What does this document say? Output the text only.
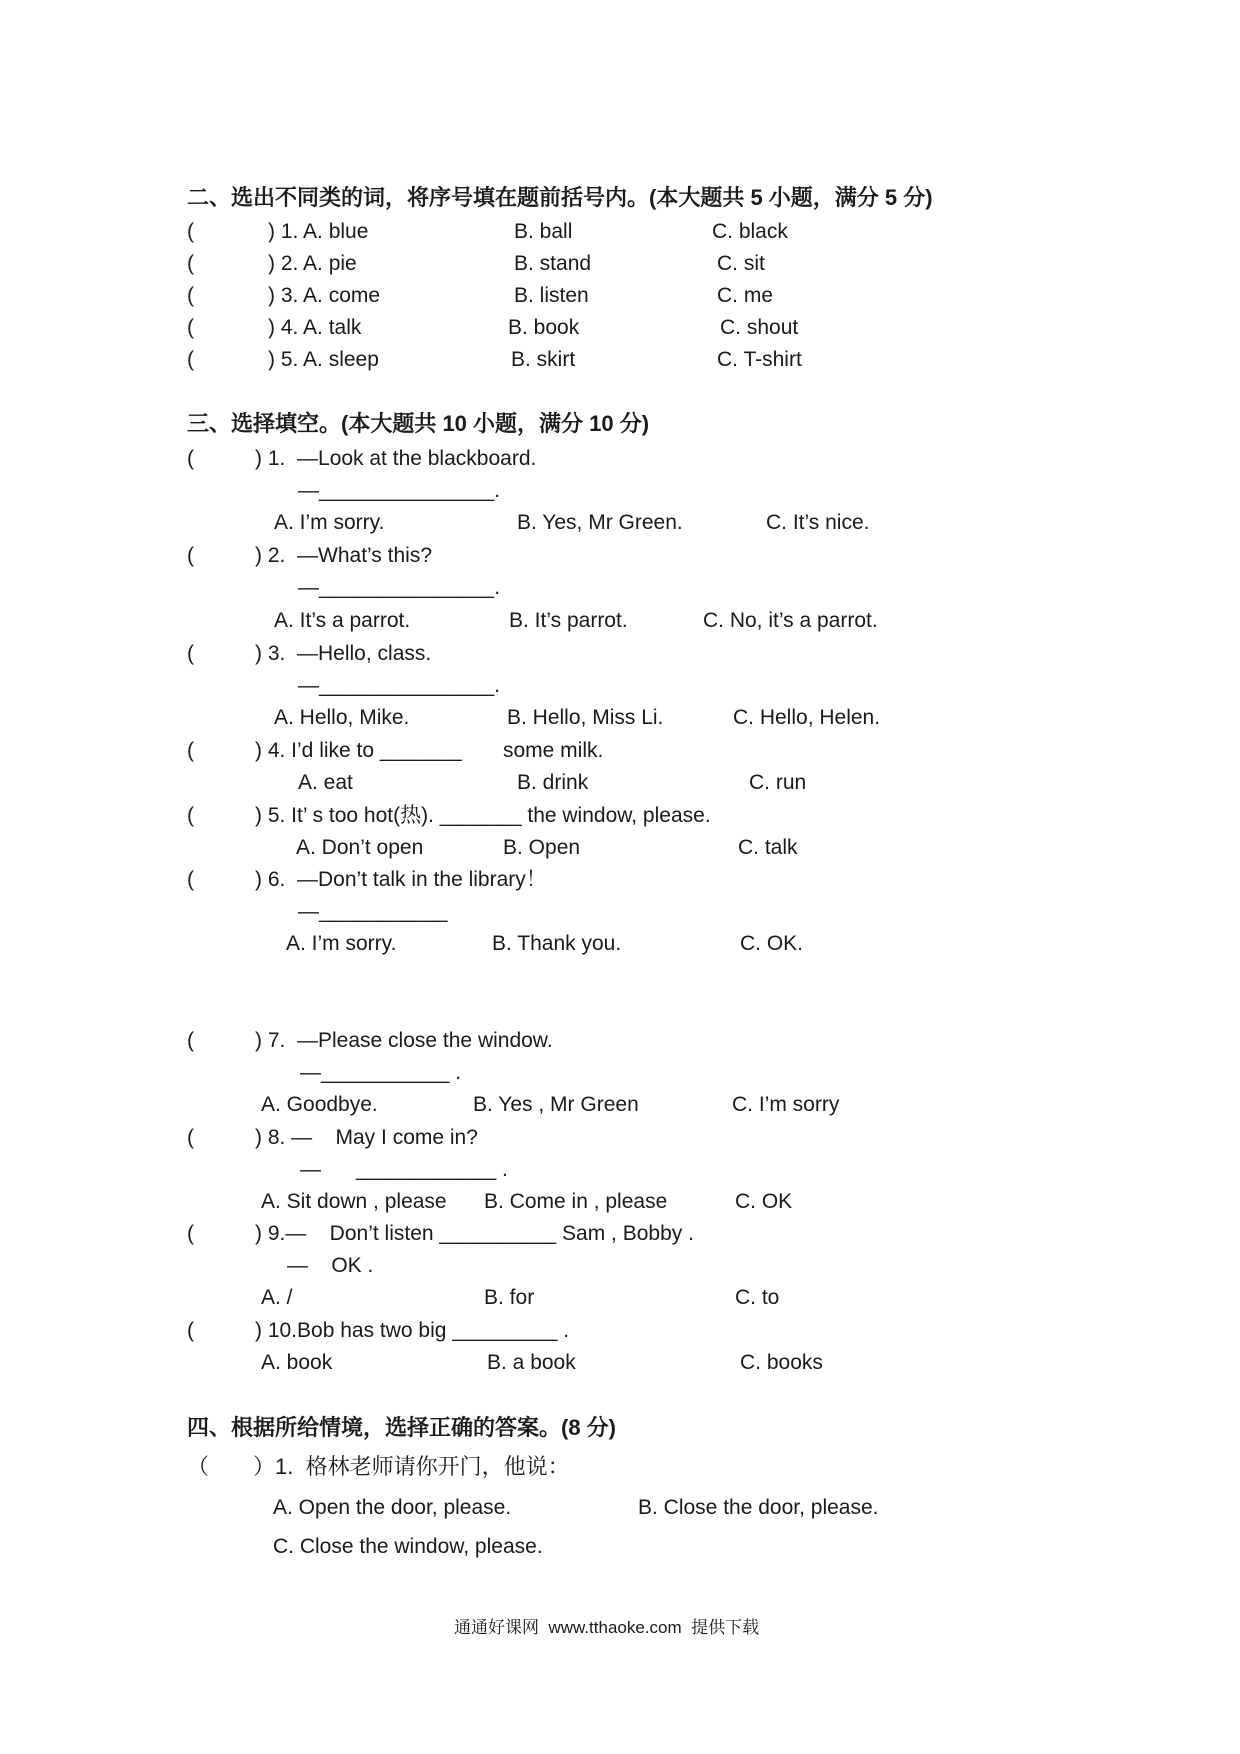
二、选出不同类的词，将序号填在题前括号内。(本大题共 5 小题，满分 5 分)
(	) 1. A. blue	B. ball	C. black
(	) 2. A. pie	B. stand	C. sit
(	) 3. A. come	B. listen	C. me
(	) 4. A. talk	B. book	C. shout
(	) 5. A. sleep	B. skirt	C. T-shirt
三、选择填空。(本大题共 10 小题，满分 10 分)
(	) 1.  —Look at the blackboard.
—_______________.
A. I’m sorry.	B. Yes, Mr Green.	C. It’s nice.
(	) 2.  —What’s this?
—_______________.
A. It’s a parrot.	B. It’s parrot.	C. No, it’s a parrot.
(	) 3.  —Hello, class.
—_______________.
A. Hello, Mike.	B. Hello, Miss Li.	C. Hello, Helen.
(	) 4. I’d like to _______ some milk.
A. eat	B. drink	C. run
(	) 5. It’ s too hot(热). _______ the window, please.
A. Don’t open	B. Open	C. talk
(	) 6.  —Don’t talk in the library！
—___________
A. I’m sorry.	B. Thank you.	C. OK.
(	) 7.  —Please close the window.
—___________ .
A. Goodbye.	B. Yes , Mr Green	C. I’m sorry
(	) 8. —    May I come in?
—      ____________ .
A. Sit down , please B. Come in , please	C. OK
(	) 9.—    Don’t listen __________ Sam , Bobby .
—    OK .
A. /	B. for	C. to
(	) 10.Bob has two big _________ .
A. book	B. a book	C. books
四、根据所给情境，选择正确的答案。(8 分)
（ ）1.  格林老师请你开门，他说：
A. Open the door, please.	B. Close the door, please.
C. Close the window, please.
通通好课网  www.tthaoke.com  提供下载
